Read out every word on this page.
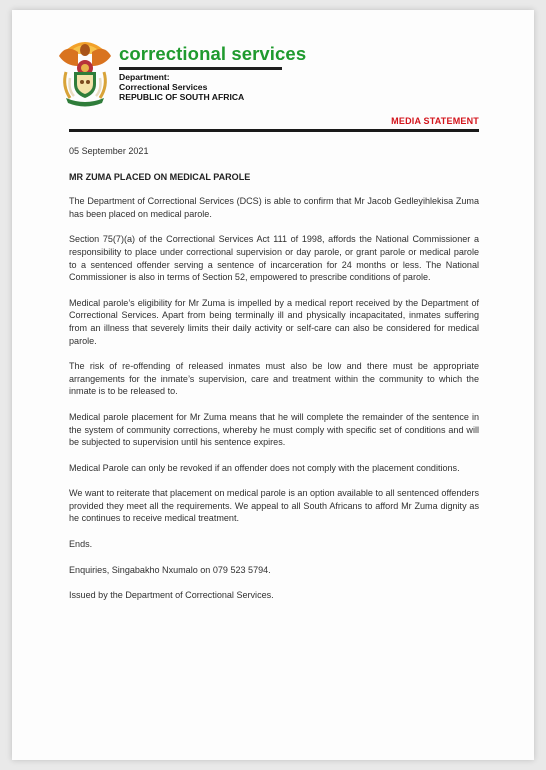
correctional services
Department:
Correctional Services
REPUBLIC OF SOUTH AFRICA
MEDIA STATEMENT

05 September 2021

MR ZUMA PLACED ON MEDICAL PAROLE

The Department of Correctional Services (DCS) is able to confirm that Mr Jacob Gedleyihlekisa Zuma has been placed on medical parole.

Section 75(7)(a) of the Correctional Services Act 111 of 1998, affords the National Commissioner a responsibility to place under correctional supervision or day parole, or grant parole or medical parole to a sentenced offender serving a sentence of incarceration for 24 months or less. The National Commissioner is also in terms of Section 52, empowered to prescribe conditions of parole.

Medical parole’s eligibility for Mr Zuma is impelled by a medical report received by the Department of Correctional Services. Apart from being terminally ill and physically incapacitated, inmates suffering from an illness that severely limits their daily activity or self-care can also be considered for medical parole.

The risk of re-offending of released inmates must also be low and there must be appropriate arrangements for the inmate’s supervision, care and treatment within the community to which the inmate is to be released to.

Medical parole placement for Mr Zuma means that he will complete the remainder of the sentence in the system of community corrections, whereby he must comply with specific set of conditions and will be subjected to supervision until his sentence expires.

Medical Parole can only be revoked if an offender does not comply with the placement conditions.

We want to reiterate that placement on medical parole is an option available to all sentenced offenders provided they meet all the requirements. We appeal to all South Africans to afford Mr Zuma dignity as he continues to receive medical treatment.

Ends.

Enquiries, Singabakho Nxumalo on 079 523 5794.

Issued by the Department of Correctional Services.
